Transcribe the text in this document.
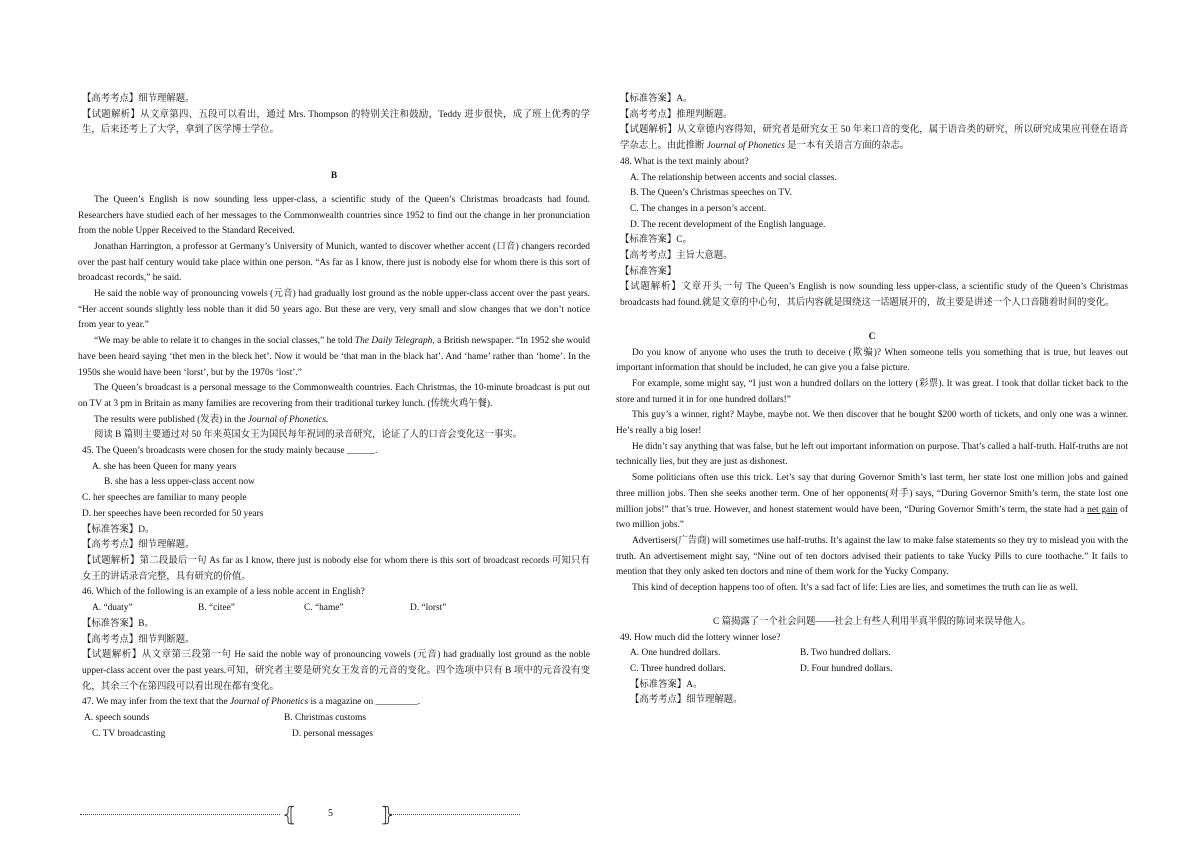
【高考考点】细节理解题。

【试题解析】从文章第四、五段可以看出，通过 Mrs. Thompson 的特别关注和鼓励，Teddy 进步很快，成了班上优秀的学生，后来还考上了大学，拿到了医学博士学位。

B

The Queen’s English is now sounding less upper-class, a scientific study of the Queen’s Christmas broadcasts had found. Researchers have studied each of her messages to the Commonwealth countries since 1952 to find out the change in her pronunciation from the noble Upper Received to the Standard Received.

Jonathan Harrington, a professor at Germany’s University of Munich, wanted to discover whether accent (口音) changers recorded over the past half century would take place within one person. “As far as I know, there just is nobody else for whom there is this sort of broadcast records,” he said.

He said the noble way of pronouncing vowels (元音) had gradually lost ground as the noble upper-class accent over the past years. “Her accent sounds slightly less noble than it did 50 years ago. But these are very, very small and slow changes that we don’t notice from year to year.”

“We may be able to relate it to changes in the social classes,” he told The Daily Telegraph, a British newspaper. “In 1952 she would have been heard saying ‘thet men in the bleck het’. Now it would be ‘that man in the black hat’. And ‘hame’ rather than ‘home’. In the 1950s she would have been ‘lorst’, but by the 1970s ‘lost’.”

The Queen’s broadcast is a personal message to the Commonwealth countries. Each Christmas, the 10-minute broadcast is put out on TV at 3 pm in Britain as many families are recovering from their traditional turkey lunch. (传统火鸡午餐).

The results were published (发表) in the Journal of Phonetics.

阅读 B 篇则主要通过对 50 年来英国女王为国民每年祝词的录音研究，论证了人的口音会变化这一事实。

45. The Queen’s broadcasts were chosen for the study mainly because ______.

A. she has been Queen for many years

B. she has a less upper-class accent now

C. her speeches are familiar to many people

D. her speeches have been recorded for 50 years

【标准答案】D。

【高考考点】细节理解题。

【试题解析】第二段最后一句 As far as I know, there just is nobody else for whom there is this sort of broadcast records 可知只有女王的讲话录音完整，具有研究的价值。

46. Which of the following is an example of a less noble accent in English?

A. “duaty”	B. “citee”	C. “hame”	D. “lorst”

【标准答案】B。

【高考考点】细节判断题。

【试题解析】从文章第三段第一句 He said the noble way of pronouncing vowels (元音) had gradually lost ground as the noble upper-class accent over the past years.可知，研究者主要是研究女王发音的元音的变化。四个选项中只有 B 项中的元音没有变化，其余三个在第四段可以看出现在都有变化。

47. We may infer from the text that the Journal of Phonetics is a magazine on _________.

A. speech sounds	B. Christmas customs
C. TV broadcasting	D. personal messages

【标准答案】A。

【高考考点】推理判断题。

【试题解析】从文章德内容得知，研究者是研究女王 50 年来口音的变化，属于语音类的研究，所以研究成果应刊登在语音学杂志上。由此推断 Journal of Phonetics 是一本有关语言方面的杂志。

48. What is the text mainly about?

A. The relationship between accents and social classes.

B. The Queen’s Christmas speeches on TV.

C. The changes in a person’s accent.

D. The recent development of the English language.

【标准答案】C。

【高考考点】主旨大意题。

【标准答案】

【试题解析】文章开头一句 The Queen’s English is now sounding less upper-class, a scientific study of the Queen’s Christmas broadcasts had found.就是文章的中心句，其后内容就是围绕这一话题展开的，故主要是讲述一个人口音随着时间的变化。

C

Do you know of anyone who uses the truth to deceive (欺骗)? When someone tells you something that is true, but leaves out important information that should be included, he can give you a false picture.

For example, some might say, “I just won a hundred dollars on the lottery (彩票). It was great. I took that dollar ticket back to the store and turned it in for one hundred dollars!”

This guy’s a winner, right? Maybe, maybe not. We then discover that he bought $200 worth of tickets, and only one was a winner. He’s really a big loser!

He didn’t say anything that was false, but he left out important information on purpose. That’s called a half-truth. Half-truths are not technically lies, but they are just as dishonest.

Some politicians often use this trick. Let’s say that during Governor Smith’s last term, her state lost one million jobs and gained three million jobs. Then she seeks another term. One of her opponents(对手) says, “During Governor Smith’s term, the state lost one million jobs!” that’s true. However, and honest statement would have been, “During Governor Smith’s term, the state had a net gain of two million jobs.”

Advertisers(广告商) will sometimes use half-truths. It’s against the law to make false statements so they try to mislead you with the truth. An advertisement might say, “Nine out of ten doctors advised their patients to take Yucky Pills to cure toothache.” It fails to mention that they only asked ten doctors and nine of them work for the Yucky Company.

This kind of deception happens too of often. It’s a sad fact of life: Lies are lies, and sometimes the truth can lie as well.

C 篇揭露了一个社会问题——社会上有些人利用半真半假的陈词来误导他人。

49. How much did the lottery winner lose?

A. One hundred dollars.	B. Two hundred dollars.
C. Three hundred dollars.	D. Four hundred dollars.

【标准答案】A。

【高考考点】细节理解题。

⦃	5 ⦄
